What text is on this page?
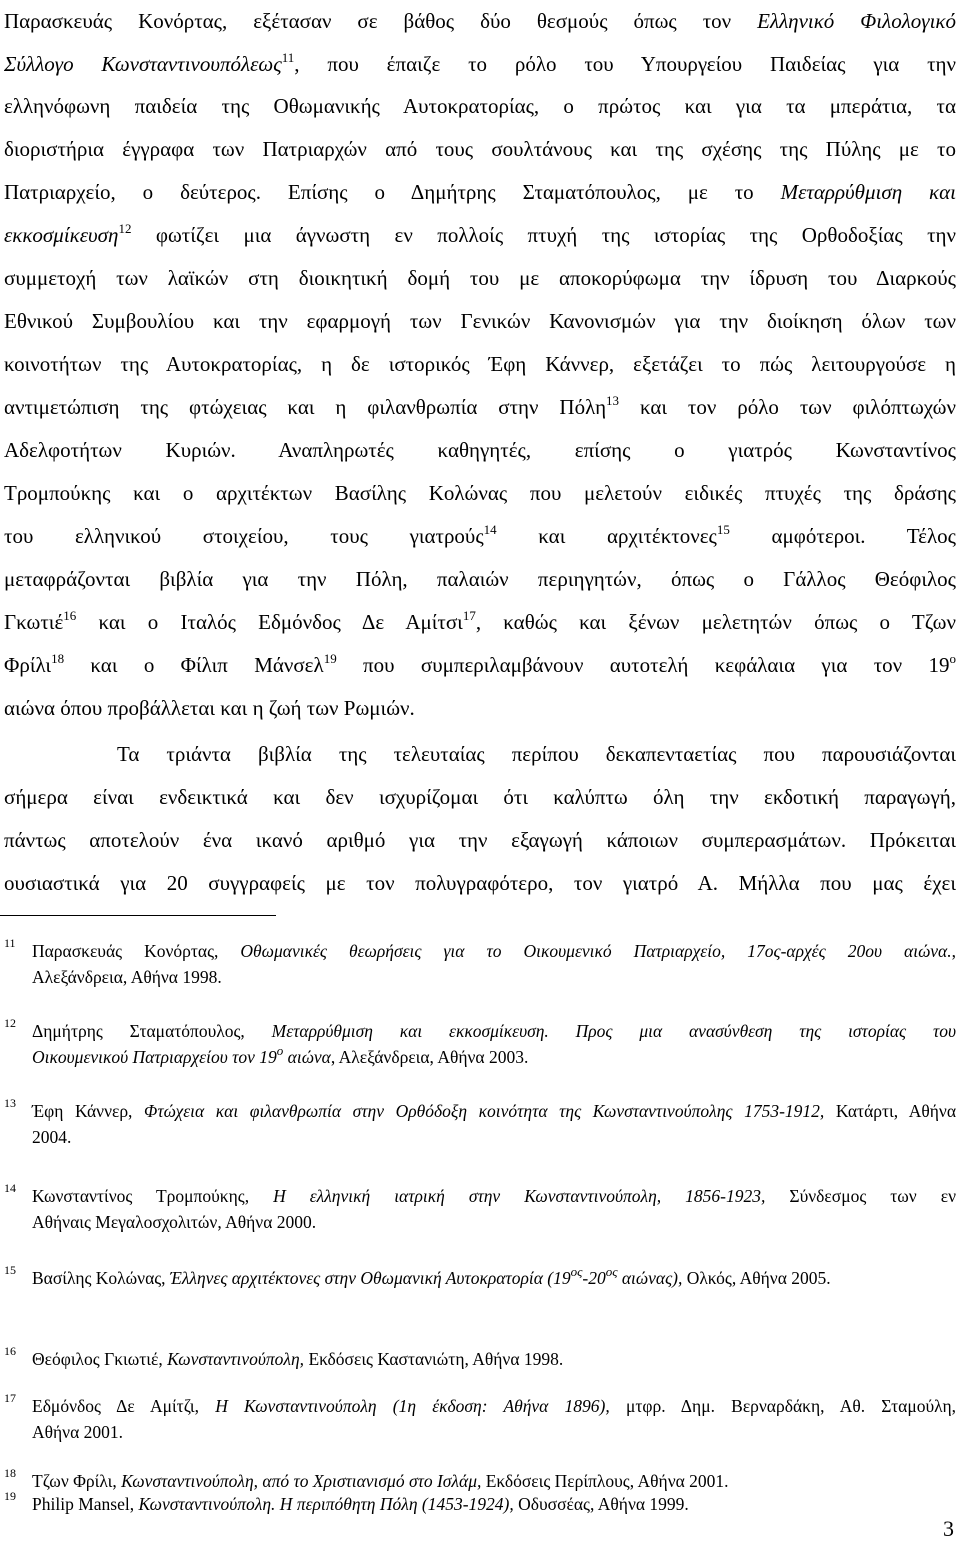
Παρασκευάς Κονόρτας, εξέτασαν σε βάθος δύο θεσμούς όπως τον Ελληνικό Φιλολογικό
Σύλλογο Κωνσταντινουπόλεως$^{11}$, που έπαιζε το ρόλο του Υπουργείου Παιδείας για την
ελληνόφωνη παιδεία της Οθωμανικής Αυτοκρατορίας, ο πρώτος και για τα μπεράτια, τα
διοριστήρια έγγραφα των Πατριαρχών από τους σουλτάνους και της σχέσης της Πύλης με το
Πατριαρχείο, ο δεύτερος. Επίσης ο Δημήτρης Σταματόπουλος, με το Μεταρρύθμιση και
εκκοσμίκευση$^{12}$ φωτίζει μια άγνωστη εν πολλοίς πτυχή της ιστορίας της Ορθοδοξίας την
συμμετοχή των λαϊκών στη διοικητική δομή του με αποκορύφωμα την ίδρυση του Διαρκούς
Εθνικού Συμβουλίου και την εφαρμογή των Γενικών Κανονισμών για την διοίκηση όλων των
κοινοτήτων της Αυτοκρατορίας, η δε ιστορικός Έφη Κάννερ, εξετάζει το πώς λειτουργούσε η
αντιμετώπιση της φτώχειας και η φιλανθρωπία στην Πόλη$^{13}$ και τον ρόλο των φιλόπτωχών
Αδελφοτήτων Κυριών. Αναπληρωτές καθηγητές, επίσης ο γιατρός Κωνσταντίνος
Τρομπούκης και ο αρχιτέκτων Βασίλης Κολώνας που μελετούν ειδικές πτυχές της δράσης
του ελληνικού στοιχείου, τους γιατρούς$^{14}$ και αρχιτέκτονες$^{15}$ αμφότεροι. Τέλος
μεταφράζονται βιβλία για την Πόλη, παλαιών περιηγητών, όπως ο Γάλλος Θεόφιλος
Γκωτιέ$^{16}$ και ο Ιταλός Εδμόνδος Δε Αμίτσι$^{17}$, καθώς και ξένων μελετητών όπως ο Τζων
Φρίλι$^{18}$ και ο Φίλιπ Μάνσελ$^{19}$ που συμπεριλαμβάνουν αυτοτελή κεφάλαια για τον $19^o$
αιώνα όπου προβάλλεται και η ζωή των Ρωμιών.
Τα τριάντα βιβλία της τελευταίας περίπου δεκαπενταετίας που παρουσιάζονται
σήμερα είναι ενδεικτικά και δεν ισχυρίζομαι ότι καλύπτω όλη την εκδοτική παραγωγή,
πάντως αποτελούν ένα ικανό αριθμό για την εξαγωγή κάποιων συμπερασμάτων. Πρόκειται
ουσιαστικά για 20 συγγραφείς με τον πολυγραφότερο, τον γιατρό Α. Μήλλα που μας έχει
11 Παρασκευάς Κονόρτας, Οθωμανικές θεωρήσεις για το Οικουμενικό Πατριαρχείο, 17ος-αρχές 20ου αιώνα.,
Αλεξάνδρεια, Αθήνα 1998.
12 Δημήτρης Σταματόπουλος, Μεταρρύθμιση και εκκοσμίκευση. Προς μια ανασύνθεση της ιστορίας του
Οικουμενικού Πατριαρχείου τον $19^o$ αιώνα, Αλεξάνδρεια, Αθήνα 2003.
13 Έφη Κάννερ, Φτώχεια και φιλανθρωπία στην Ορθόδοξη κοινότητα της Κωνσταντινούπολης 1753-1912, Κατάρτι, Αθήνα
2004.
14 Κωνσταντίνος Τρομπούκης, Η ελληνική ιατρική στην Κωνσταντινούπολη, 1856-1923, Σύνδεσμος των εν
Αθήναις Μεγαλοσχολιτών, Αθήνα 2000.
15 Βασίλης Κολώνας, Έλληνες αρχιτέκτονες στην Οθωμανική Αυτοκρατορία ($19^{o\varsigma}-20^{o\varsigma}$ αιώνας), Ολκός, Αθήνα 2005.
16 Θεόφιλος Γκιωτιέ, Κωνσταντινούπολη, Εκδόσεις Καστανιώτη, Αθήνα 1998.
17 Εδμόνδος Δε Αμίτζι, Η Κωνσταντινούπολη (1η έκδοση: Αθήνα 1896), μτφρ. Δημ. Βερναρδάκη, Αθ. Σταμούλη,
Αθήνα 2001.
18 Τζων Φρίλι, Κωνσταντινούπολη, από το Χριστιανισμό στο Ισλάμ, Εκδόσεις Περίπλους, Αθήνα 2001.
19 Philip Mansel, Κωνσταντινούπολη. Η περιπόθητη Πόλη (1453-1924), Οδυσσέας, Αθήνα 1999.
3
